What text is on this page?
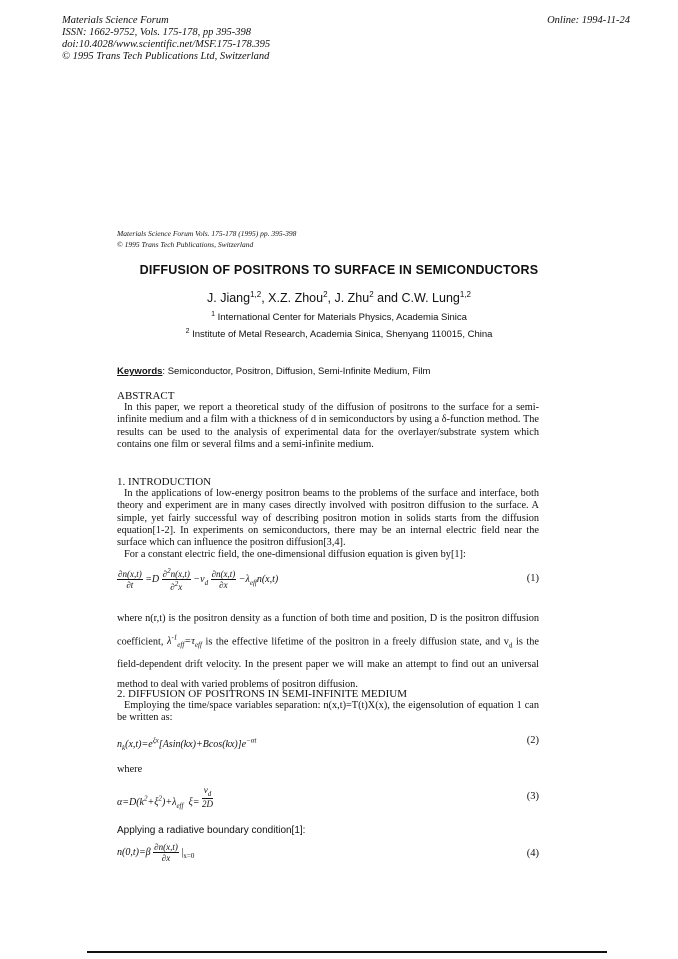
Materials Science Forum
ISSN: 1662-9752, Vols. 175-178, pp 395-398
doi:10.4028/www.scientific.net/MSF.175-178.395
© 1995 Trans Tech Publications Ltd, Switzerland
Online: 1994-11-24
Materials Science Forum Vols. 175-178 (1995) pp. 395-398
© 1995 Trans Tech Publications, Switzerland
DIFFUSION OF POSITRONS TO SURFACE IN SEMICONDUCTORS
J. Jiang$^{1,2}$, X.Z. Zhou$^2$, J. Zhu$^2$ and C.W. Lung$^{1,2}$
$^1$ International Center for Materials Physics, Academia Sinica
$^2$ Institute of Metal Research, Academia Sinica, Shenyang 110015, China
Keywords: Semiconductor, Positron, Diffusion, Semi-Infinite Medium, Film

ABSTRACT

In this paper, we report a theoretical study of the diffusion of positrons to the surface for a semi-infinite medium and a film with a thickness of d in semiconductors by using a δ-function method. The results can be used to the analysis of experimental data for the overlayer/substrate system which contains one film or several films and a semi-infinite medium.

1. INTRODUCTION

In the applications of low-energy positron beams to the problems of the surface and interface, both theory and experiment are in many cases directly involved with positron diffusion to the surface. A simple, yet fairly successful way of describing positron motion in solids starts from the diffusion equation[1-2]. In experiments on semiconductors, there may be an internal electric field near the surface which can influence the positron diffusion[3,4].

For a constant electric field, the one-dimensional diffusion equation is given by[1]:

$\frac{\partial n(x,t)}{\partial t} =D \frac{\partial^2n(x,t)}{\partial^2x} -v_d \frac{\partial n(x,t)}{\partial x} -\lambda_{eff}n(x,t)$	(1)

where n(r,t) is the positron density as a function of both time and position, D is the positron diffusion coefficient, $\lambda^{-1}_{eff}=\tau_{eff}$ is the effective lifetime of the positron in a freely diffusion state, and $v_d$ is the field-dependent drift velocity. In the present paper we will make an attempt to find out an universal method to deal with varied problems of positron diffusion.

2. DIFFUSION OF POSITRONS IN SEMI-INFINITE MEDIUM

Employing the time/space variables separation: n(x,t)=T(t)X(x), the eigensolution of equation 1 can be written as:

$n_k(x,t)=e^{\xi x}[Asin(kx)+Bcos(kx)]e^{-\alpha t}$	(2)

where

$\alpha=D(k^2+\xi^2)+\lambda_{eff}$  $\xi= \frac{v_d}{2D}$	(3)

Applying a radiative boundary condition[1]:

$n(0,t)=\beta \frac{\partial n(x,t)}{\partial x} |_{x=0}$	(4)
